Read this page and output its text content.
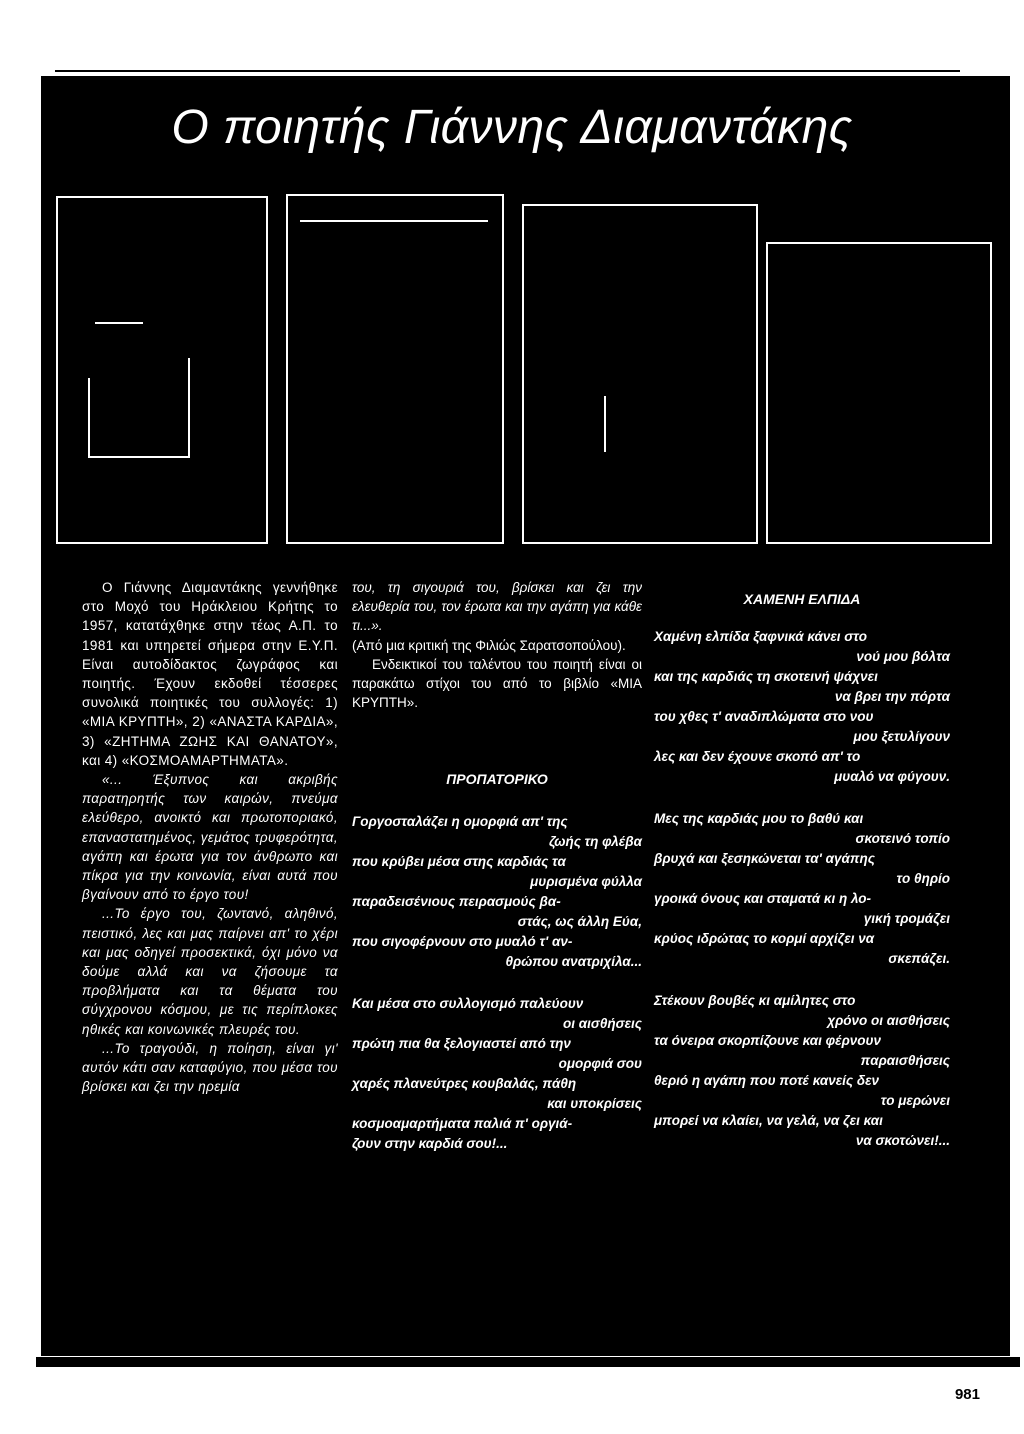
Ο ποιητής Γιάννης Διαμαντάκης

Ο Γιάννης Διαμαντάκης γεννήθηκε στο Μοχό του Ηράκλειου Κρήτης το 1957, κατατάχθηκε στην τέως Α.Π. το 1981 και υπηρετεί σήμερα στην Ε.Υ.Π. Είναι αυτοδίδακτος ζωγράφος και ποιητής. Έχουν εκδοθεί τέσσερες συνολικά ποιητικές του συλλογές: 1) «ΜΙΑ ΚΡΥΠΤΗ», 2) «ΑΝΑΣΤΑ ΚΑΡΔΙΑ», 3) «ΖΗΤΗΜΑ ΖΩΗΣ ΚΑΙ ΘΑΝΑΤΟΥ», και 4) «ΚΟΣΜΟΑΜΑΡΤΗΜΑΤΑ».

«... Έξυπνος και ακριβής παρατηρητής των καιρών, πνεύμα ελεύθερο, ανοικτό και πρωτοποριακό, επαναστατημένος, γεμάτος τρυφερότητα, αγάπη και έρωτα για τον άνθρωπο και πίκρα για την κοινωνία, είναι αυτά που βγαίνουν από το έργο του!

...Το έργο του, ζωντανό, αληθινό, πειστικό, λες και μας παίρνει απ' το χέρι και μας οδηγεί προσεκτικά, όχι μόνο να δούμε αλλά και να ζήσουμε τα προβλήματα και τα θέματα του σύγχρονου κόσμου, με τις περίπλοκες ηθικές και κοινωνικές πλευρές του.

...Το τραγούδι, η ποίηση, είναι γι' αυτόν κάτι σαν καταφύγιο, που μέσα του βρίσκει και ζει την ηρεμία

του, τη σιγουριά του, βρίσκει και ζει την ελευθερία του, τον έρωτα και την αγάπη για κάθε τι...».

(Από μια κριτική της Φιλιώς Σαρατσοπούλου).

Ενδεικτικοί του ταλέντου του ποιητή είναι οι παρακάτω στίχοι του από το βιβλίο «ΜΙΑ ΚΡΥΠΤΗ».

ΠΡΟΠΑΤΟΡΙΚΟ
Γοργοσταλάζει η ομορφιά απ' της
ζωής τη φλέβα
που κρύβει μέσα στης καρδιάς τα
μυρισμένα φύλλα
παραδεισένιους πειρασμούς βα-
στάς, ως άλλη Εύα,
που σιγοφέρνουν στο μυαλό τ' αν-
θρώπου ανατριχίλα...
Και μέσα στο συλλογισμό παλεύουν
οι αισθήσεις
πρώτη πια θα ξελογιαστεί από την
ομορφιά σου
χαρές πλανεύτρες κουβαλάς, πάθη
και υποκρίσεις
κοσμοαμαρτήματα παλιά π' οργιά-
ζουν στην καρδιά σου!...
ΧΑΜΕΝΗ ΕΛΠΙΔΑ
Χαμένη ελπίδα ξαφνικά κάνει στο
νού μου βόλτα
και της καρδιάς τη σκοτεινή ψάχνει
να βρει την πόρτα
του χθες τ' αναδιπλώματα στο νου
μου ξετυλίγουν
λες και δεν έχουνε σκοπό απ' το
μυαλό να φύγουν.
Μες της καρδιάς μου το βαθύ και
σκοτεινό τοπίο
βρυχά και ξεσηκώνεται τα' αγάπης
το θηρίο
γροικά όνους και σταματά κι η λο-
γική τρομάζει
κρύος ιδρώτας το κορμί αρχίζει να
σκεπάζει.
Στέκουν βουβές κι αμίλητες στο
χρόνο οι αισθήσεις
τα όνειρα σκορπίζουνε και φέρνουν
παραισθήσεις
θεριό η αγάπη που ποτέ κανείς δεν
το μερώνει
μπορεί να κλαίει, να γελά, να ζει και
να σκοτώνει!...
981
